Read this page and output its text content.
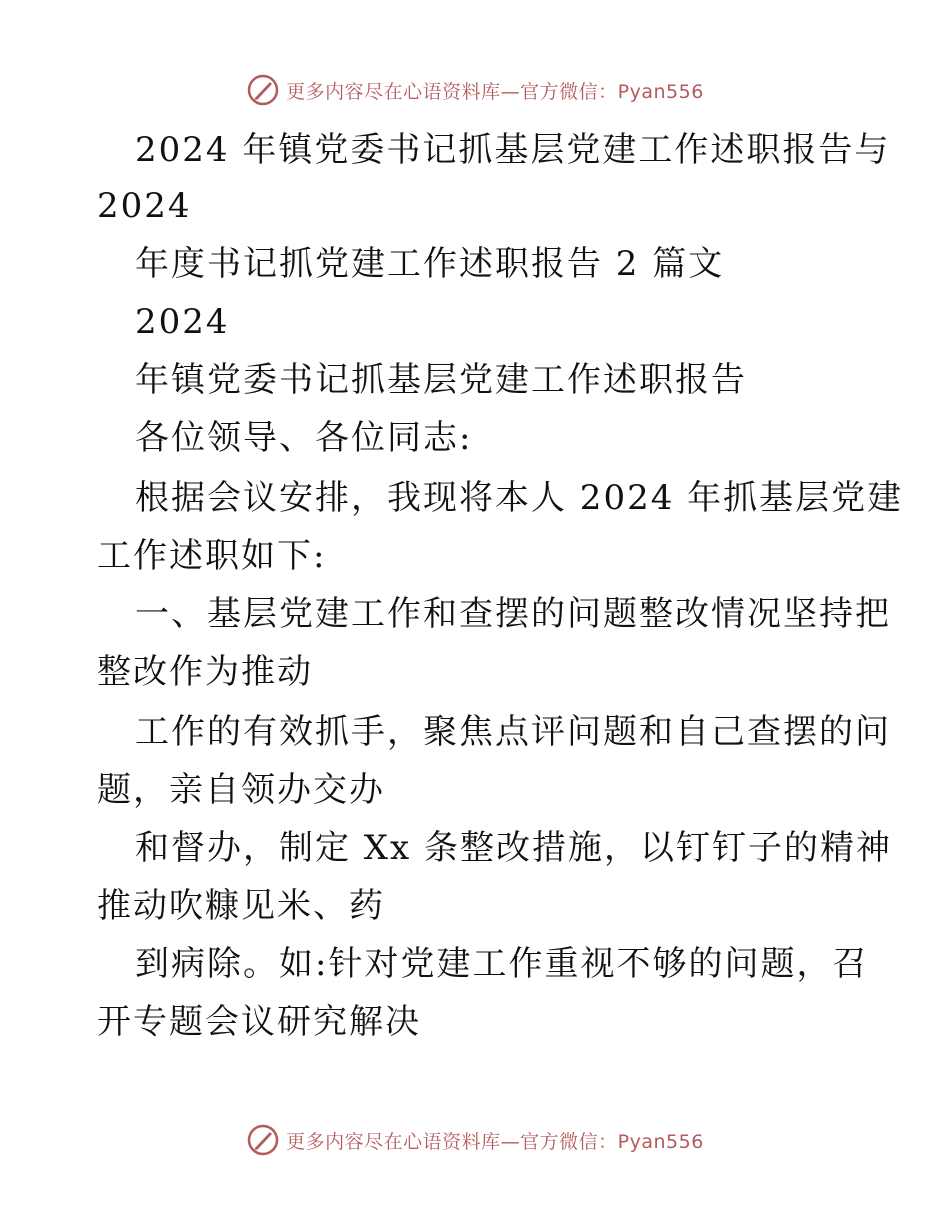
更多内容尽在心语资料库—官方微信：Pyan556
2024 年镇党委书记抓基层党建工作述职报告与
2024
年度书记抓党建工作述职报告 2 篇文
2024
年镇党委书记抓基层党建工作述职报告
各位领导、各位同志:
根据会议安排，我现将本人 2024 年抓基层党建
工作述职如下:
一、基层党建工作和查摆的问题整改情况坚持把
整改作为推动
工作的有效抓手，聚焦点评问题和自己查摆的问
题，亲自领办交办
和督办，制定 Xx 条整改措施，以钉钉子的精神
推动吹糠见米、药
到病除。如:针对党建工作重视不够的问题，召
开专题会议研究解决
更多内容尽在心语资料库—官方微信：Pyan556
